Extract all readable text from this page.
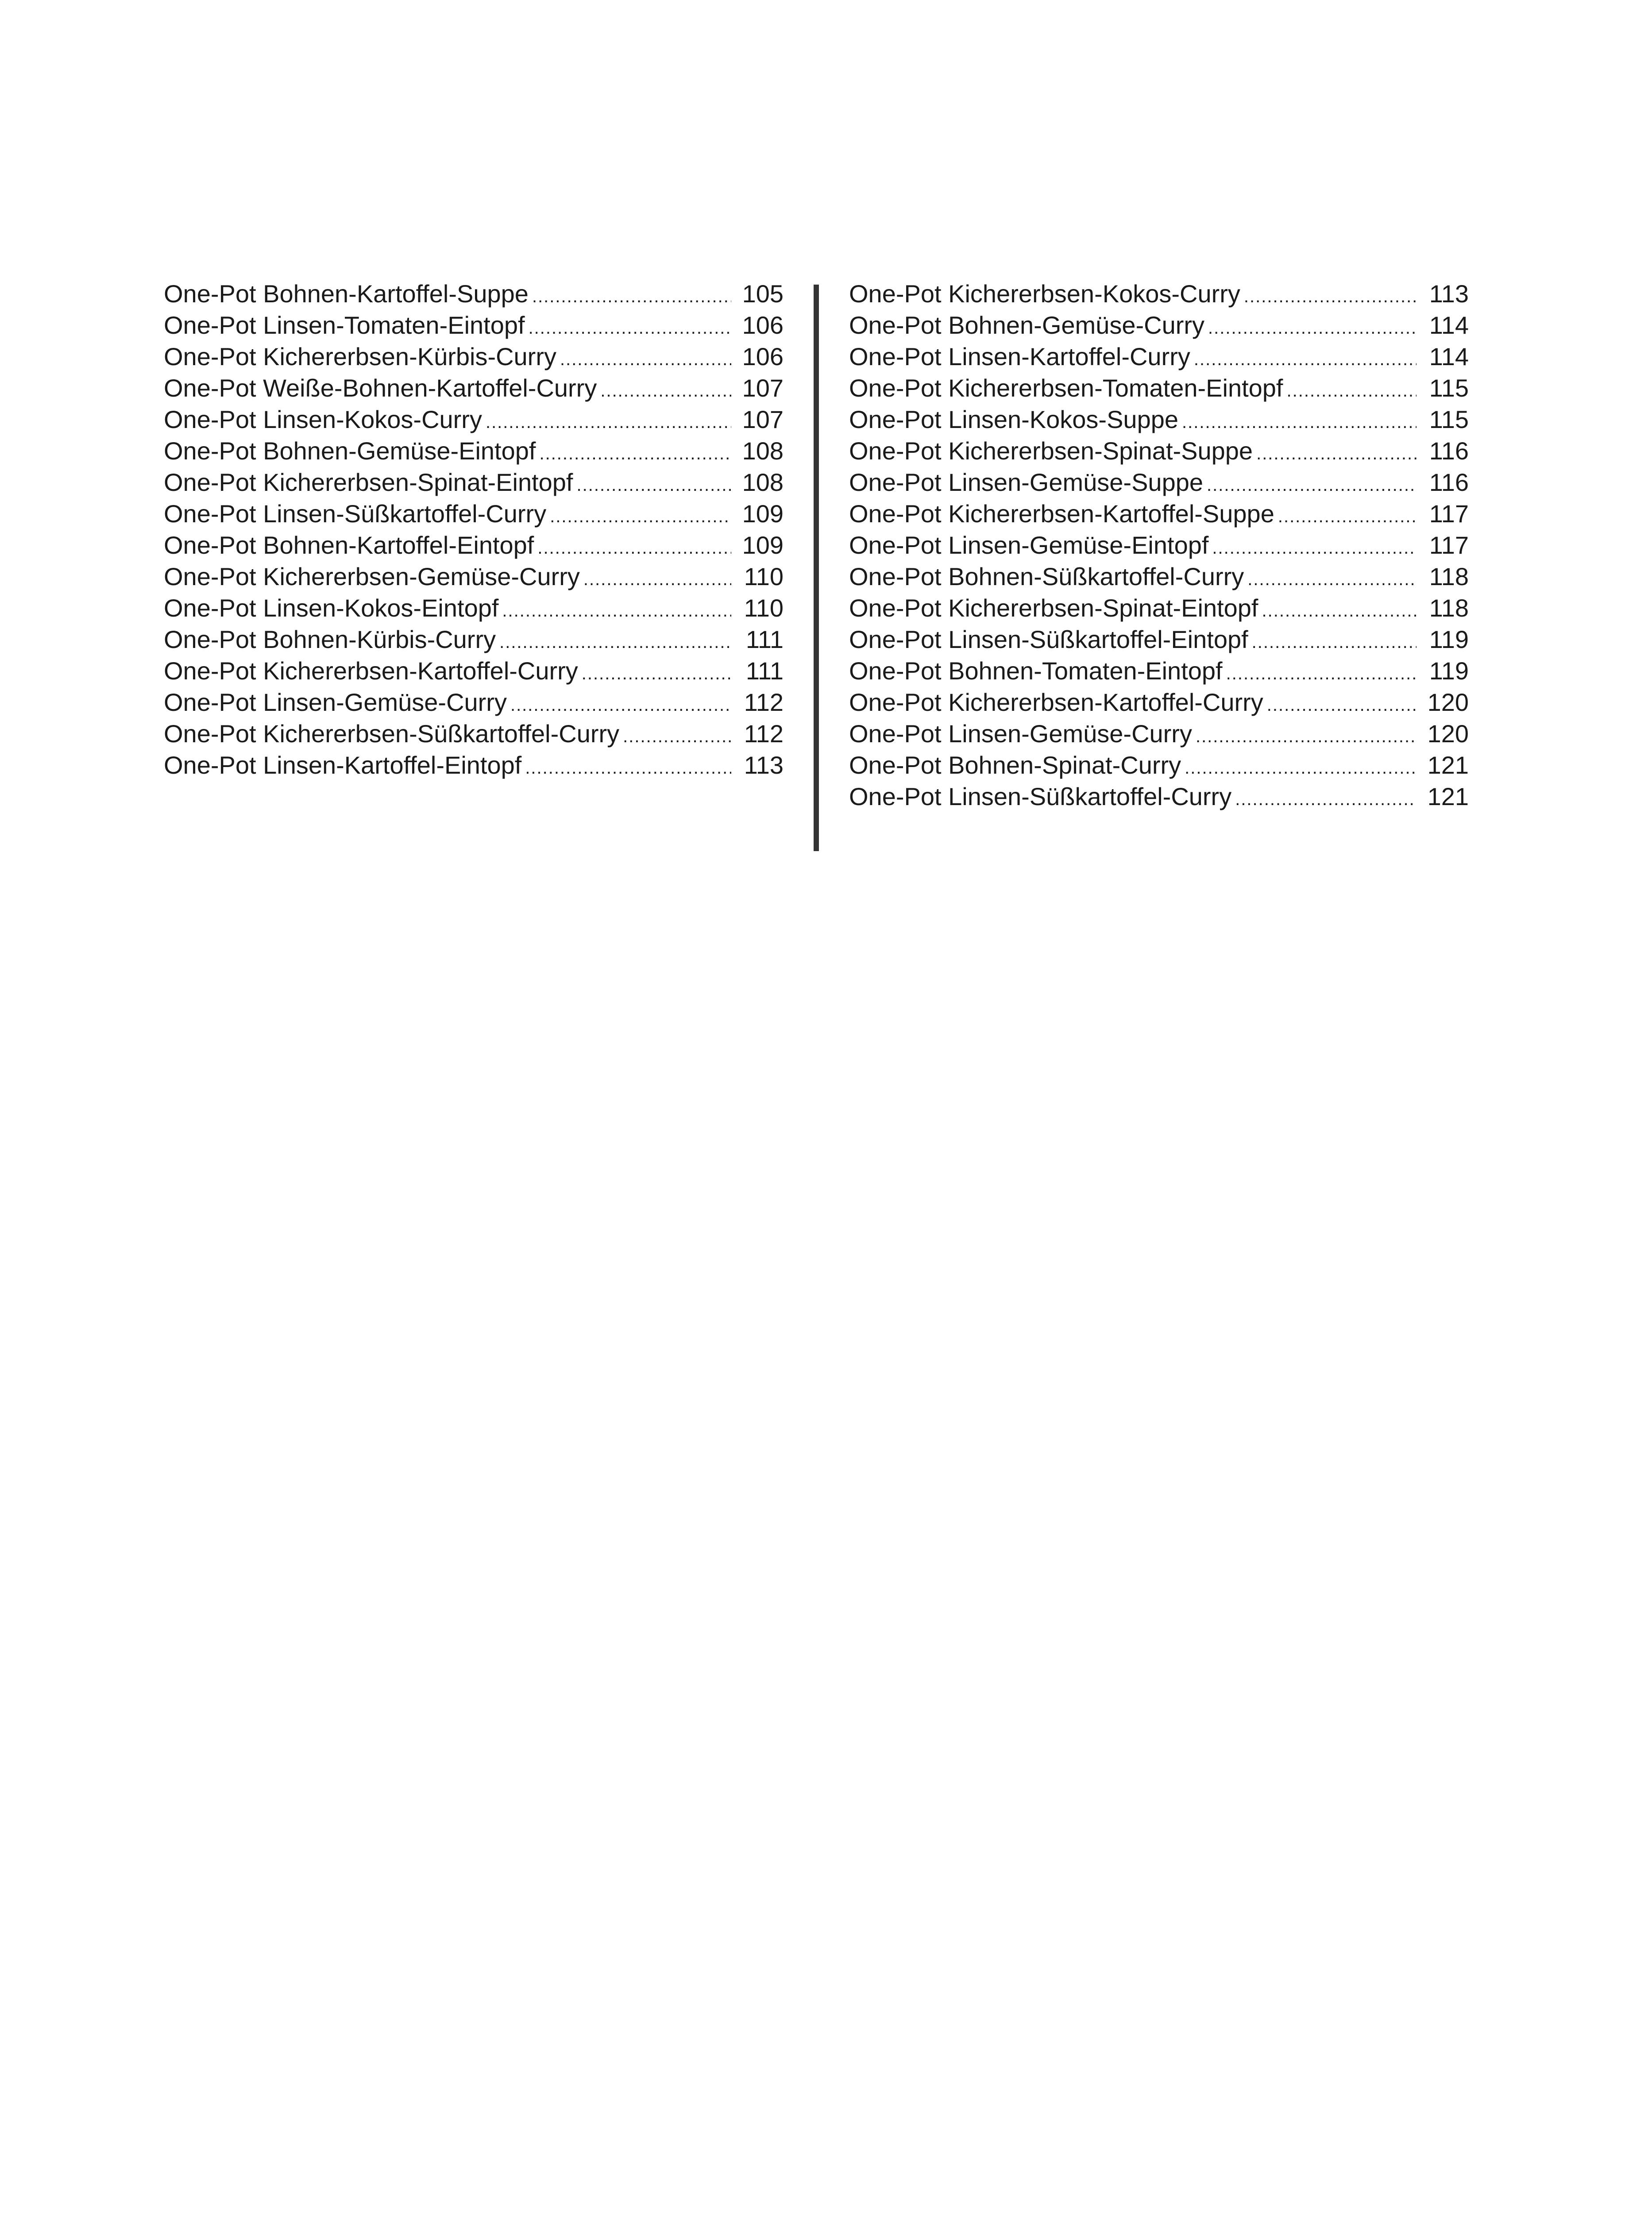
One-Pot Bohnen-Kartoffel-Suppe .....	105
One-Pot Linsen-Tomaten-Eintopf .....	106
One-Pot Kichererbsen-Kürbis-Curry .....	106
One-Pot Weiße-Bohnen-Kartoffel-Curry .....	107
One-Pot Linsen-Kokos-Curry .....	107
One-Pot Bohnen-Gemüse-Eintopf .....	108
One-Pot Kichererbsen-Spinat-Eintopf .....	108
One-Pot Linsen-Süßkartoffel-Curry .....	109
One-Pot Bohnen-Kartoffel-Eintopf .....	109
One-Pot Kichererbsen-Gemüse-Curry .....	110
One-Pot Linsen-Kokos-Eintopf .....	110
One-Pot Bohnen-Kürbis-Curry .....	111
One-Pot Kichererbsen-Kartoffel-Curry .....	111
One-Pot Linsen-Gemüse-Curry .....	112
One-Pot Kichererbsen-Süßkartoffel-Curry .....	112
One-Pot Linsen-Kartoffel-Eintopf .....	113
One-Pot Kichererbsen-Kokos-Curry .....	113
One-Pot Bohnen-Gemüse-Curry .....	114
One-Pot Linsen-Kartoffel-Curry .....	114
One-Pot Kichererbsen-Tomaten-Eintopf .....	115
One-Pot Linsen-Kokos-Suppe .....	115
One-Pot Kichererbsen-Spinat-Suppe .....	116
One-Pot Linsen-Gemüse-Suppe .....	116
One-Pot Kichererbsen-Kartoffel-Suppe .....	117
One-Pot Linsen-Gemüse-Eintopf .....	117
One-Pot Bohnen-Süßkartoffel-Curry .....	118
One-Pot Kichererbsen-Spinat-Eintopf .....	118
One-Pot Linsen-Süßkartoffel-Eintopf .....	119
One-Pot Bohnen-Tomaten-Eintopf .....	119
One-Pot Kichererbsen-Kartoffel-Curry .....	120
One-Pot Linsen-Gemüse-Curry .....	120
One-Pot Bohnen-Spinat-Curry .....	121
One-Pot Linsen-Süßkartoffel-Curry .....	121
